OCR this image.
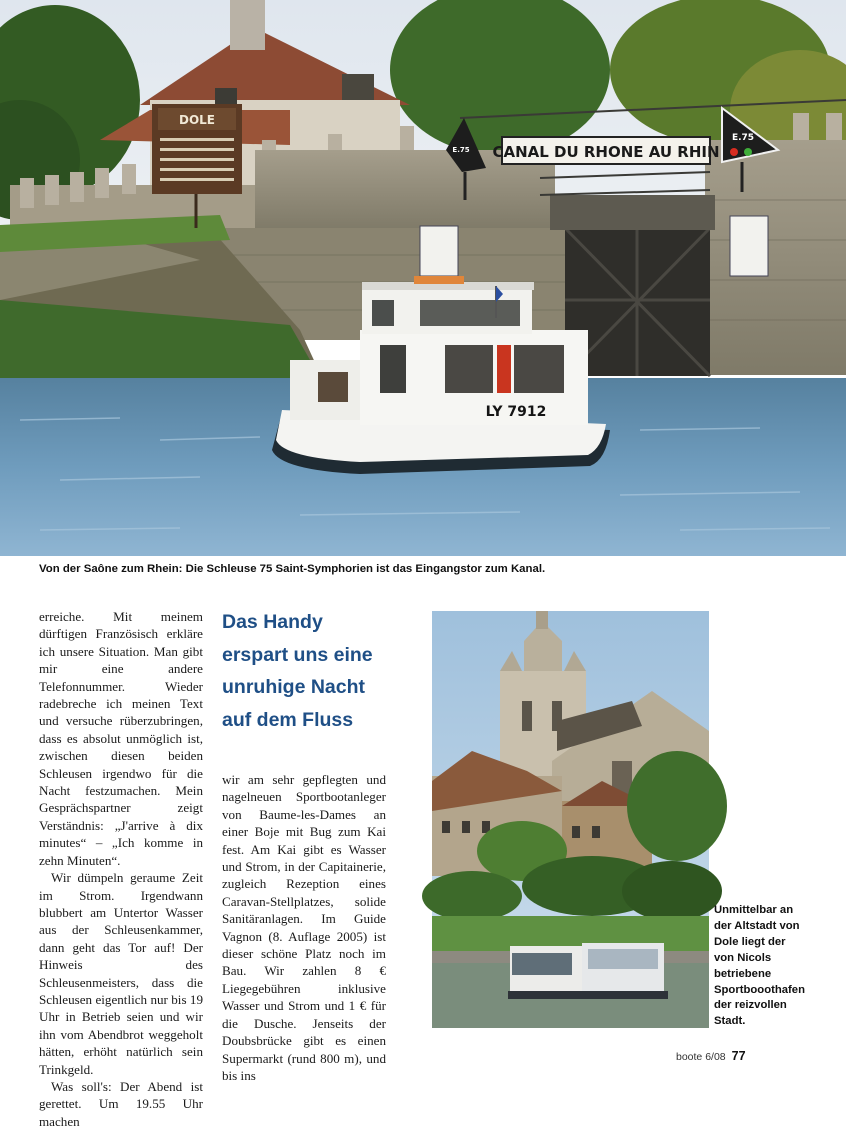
CANAL DU RHONE AU RHIN
DOLE
E.75
E.75
LY 7912
Von der Saône zum Rhein: Die Schleuse 75 Saint-Symphorien ist das Eingangstor zum Kanal.

erreiche. Mit meinem dürftigen Französisch erkläre ich unsere Situation. Man gibt mir eine andere Telefonnummer. Wieder radebreche ich meinen Text und versuche rüberzubringen, dass es absolut unmöglich ist, zwischen diesen beiden Schleusen irgendwo für die Nacht festzumachen. Mein Gesprächspartner zeigt Verständnis: „J'arrive à dix minutes“ – „Ich komme in zehn Minuten“.

Wir dümpeln geraume Zeit im Strom. Irgendwann blubbert am Untertor Wasser aus der Schleusenkammer, dann geht das Tor auf! Der Hinweis des Schleusenmeisters, dass die Schleusen eigentlich nur bis 19 Uhr in Betrieb seien und wir ihn vom Abendbrot weggeholt hätten, erhöht natürlich sein Trinkgeld.

Was soll's: Der Abend ist gerettet. Um 19.55 Uhr machen

Das Handy erspart uns eine unruhige Nacht auf dem Fluss

wir am sehr gepflegten und nagelneuen Sportbootanleger von Baume-les-Dames an einer Boje mit Bug zum Kai fest. Am Kai gibt es Wasser und Strom, in der Capitainerie, zugleich Rezeption eines Caravan-Stellplatzes, solide Sanitäranlagen. Im Guide Vagnon (8. Auflage 2005) ist dieser schöne Platz noch im Bau. Wir zahlen 8 € Liegegebühren inklusive Wasser und Strom und 1 € für die Dusche. Jenseits der Doubsbrücke gibt es einen Supermarkt (rund 800 m), und bis ins

Unmittelbar an der Altstadt von Dole liegt der von Nicols betriebene Sportbooothafen der reizvollen Stadt.
boote 6/08 77
